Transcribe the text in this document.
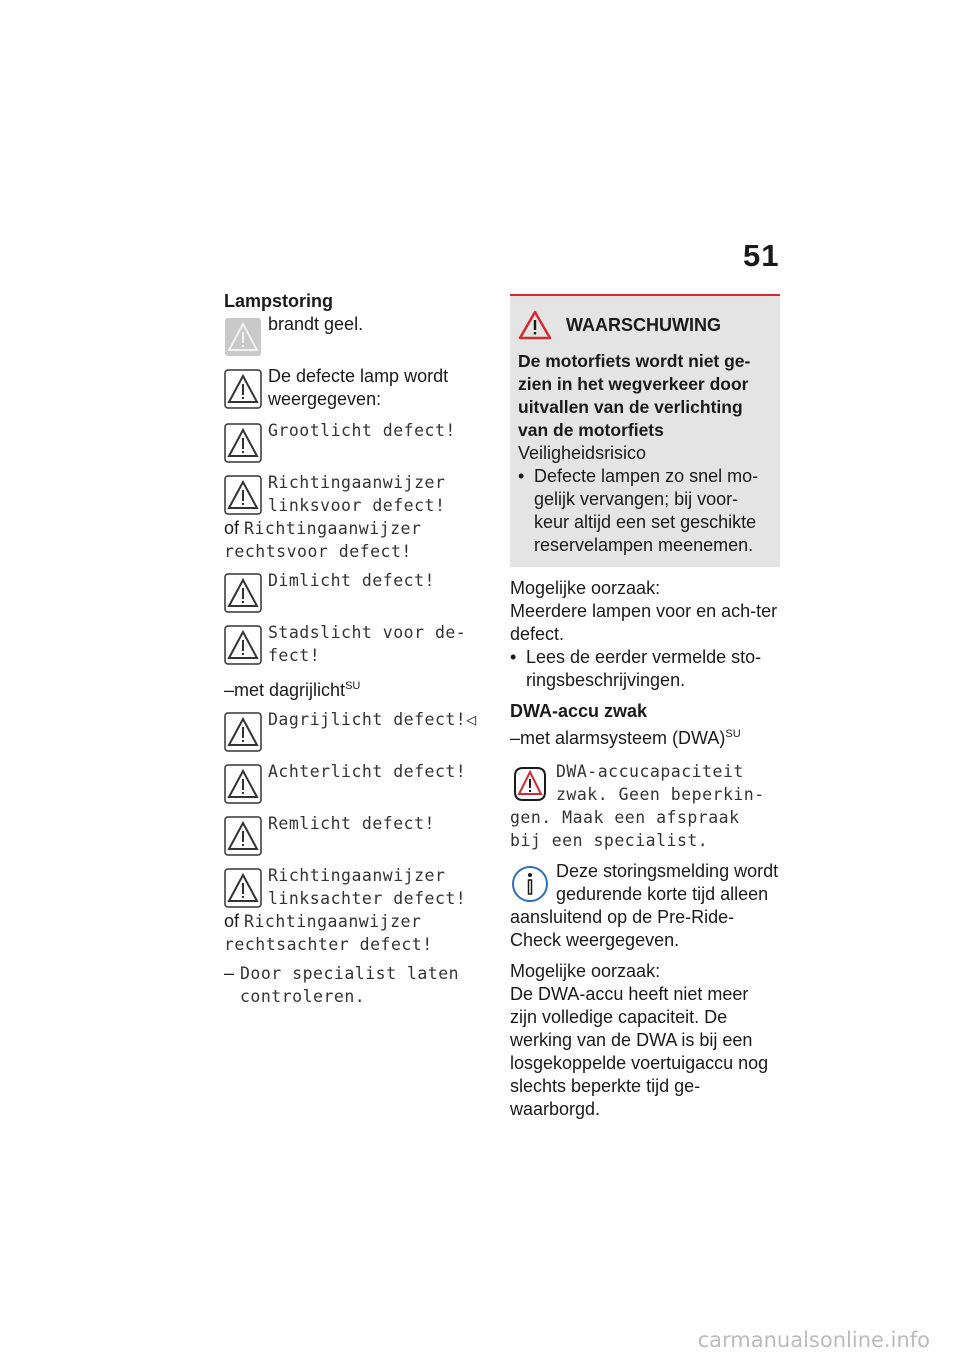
51
Lampstoring
brandt geel.
De defecte lamp wordt weergegeven:
Grootlicht defect!
Richtingaanwijzer linksvoor defect!
of Richtingaanwijzer rechtsvoor defect!
Dimlicht defect!
Stadslicht voor de-fect!
–met dagrijlicht$^{SU}$
Dagrijlicht defect!◁
Achterlicht defect!
Remlicht defect!
Richtingaanwijzer linksachter defect!
of Richtingaanwijzer rechtsachter defect!
– Door specialist laten controleren.
WAARSCHUWING
De motorfiets wordt niet ge-zien in het wegverkeer door uitvallen van de verlichting van de motorfiets
Veiligheidsrisico
• Defecte lampen zo snel mo-gelijk vervangen; bij voor-keur altijd een set geschikte reservelampen meenemen.
Mogelijke oorzaak:
Meerdere lampen voor en ach-ter defect.
• Lees de eerder vermelde sto-ringsbeschrijvingen.
DWA-accu zwak
–met alarmsysteem (DWA)$^{SU}$
DWA-accucapaciteit zwak. Geen beperkin-gen. Maak een afspraak bij een specialist.
Deze storingsmelding wordt gedurende korte tijd alleen aansluitend op de Pre-Ride-Check weergegeven.
Mogelijke oorzaak:
De DWA-accu heeft niet meer zijn volledige capaciteit. De werking van de DWA is bij een losgekoppelde voertuigaccu nog slechts beperkte tijd ge-waarborgd.
carmanualsonline.info
